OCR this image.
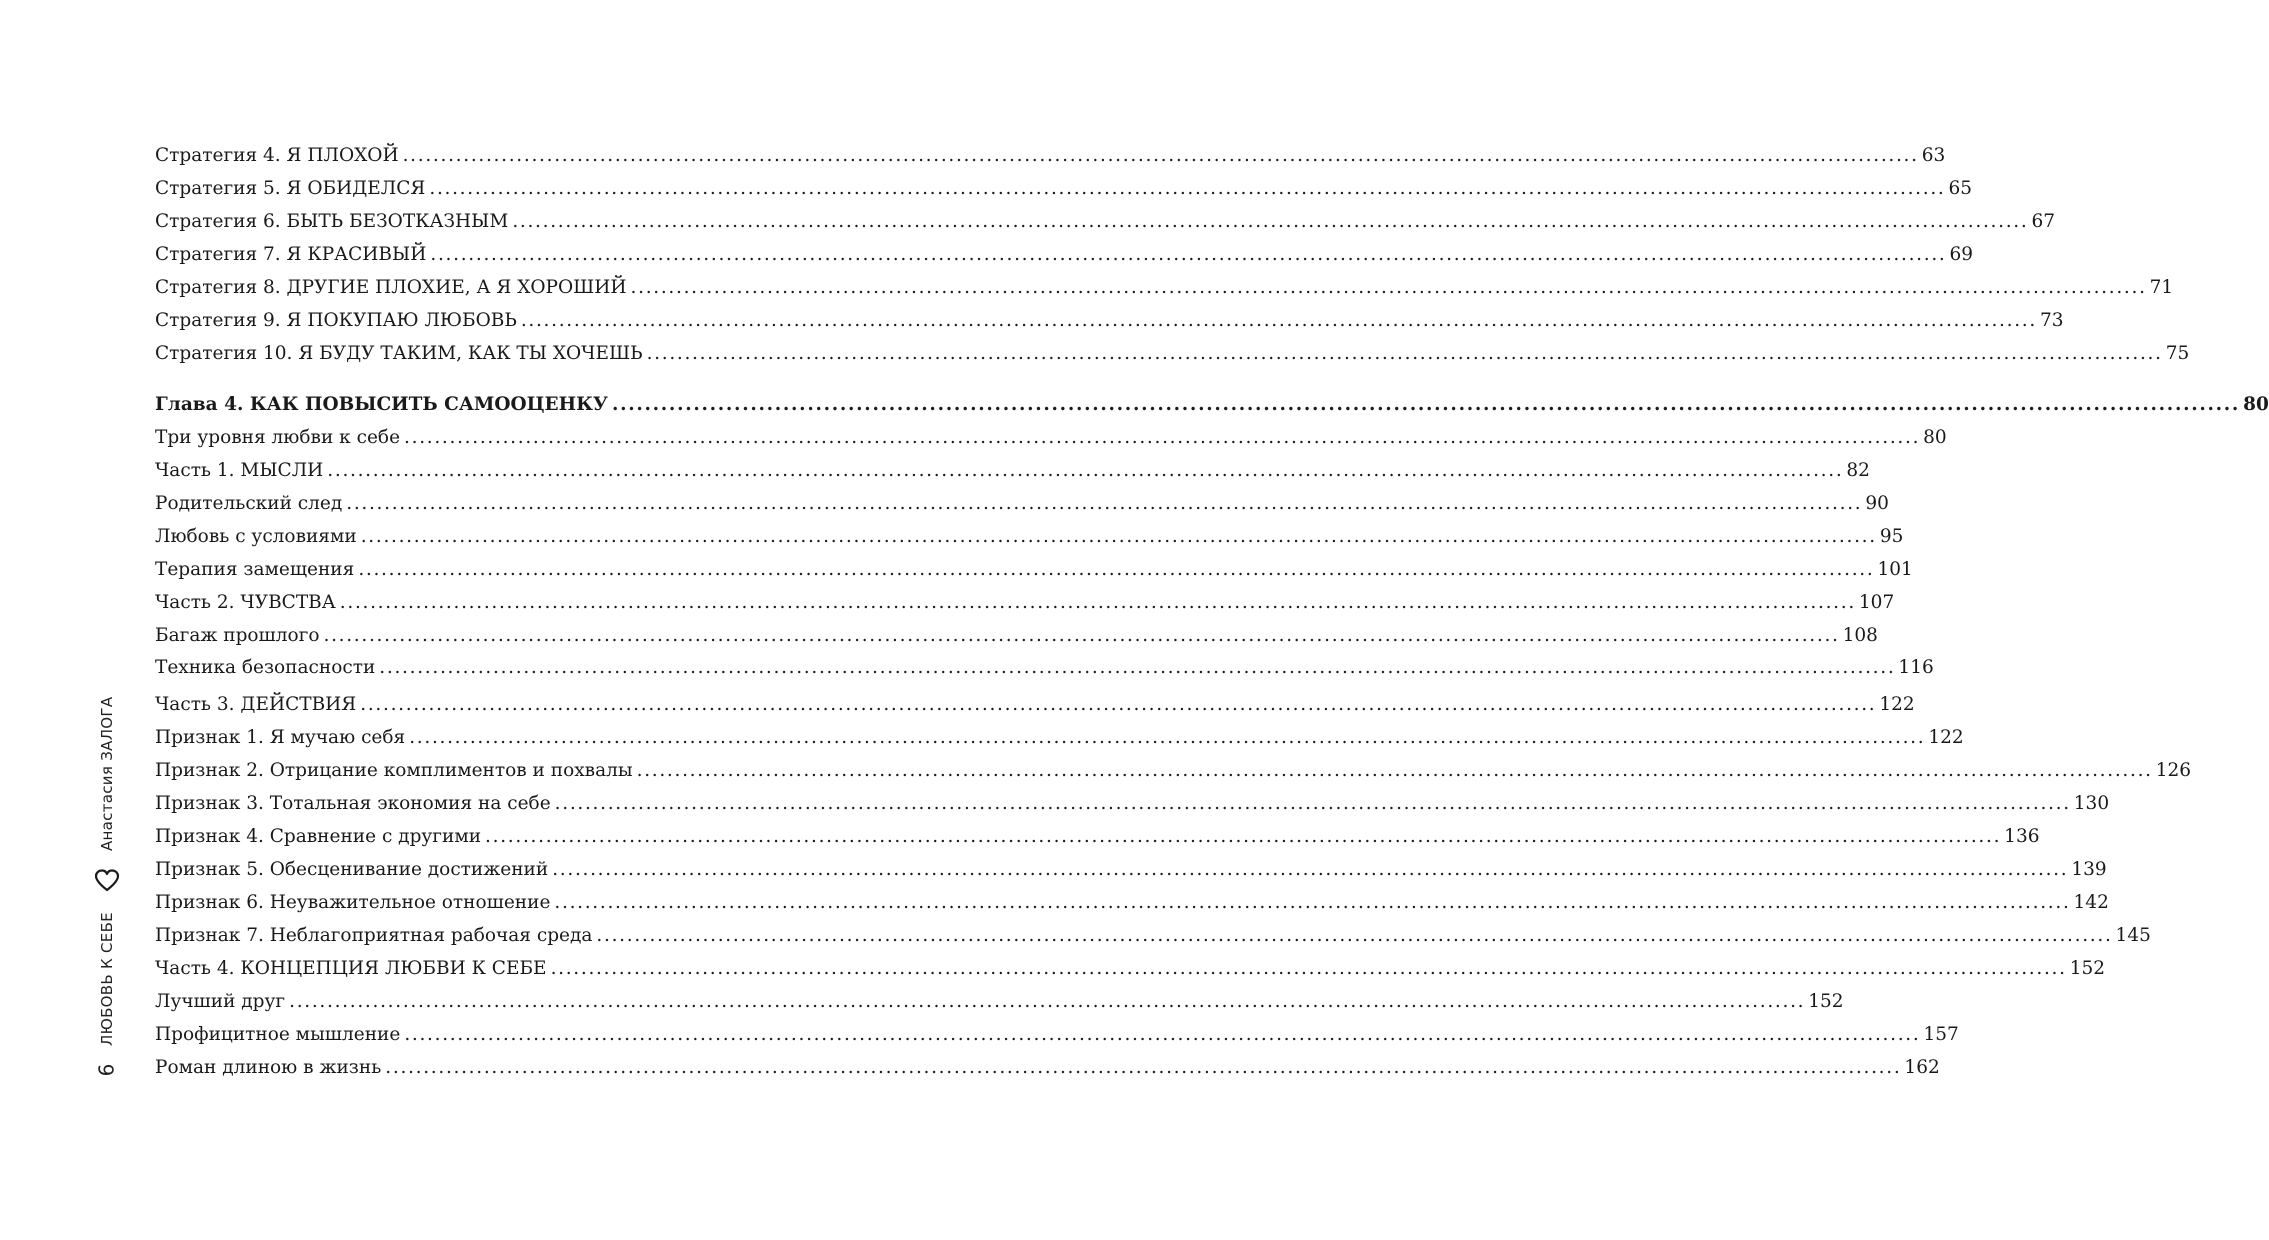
Стратегия 4. Я ПЛОХОЙ ........................................................................................................................................................................................................ 63
Стратегия 5. Я ОБИДЕЛСЯ ........................................................................................................................................................................................................ 65
Стратегия 6. БЫТЬ БЕЗОТКАЗНЫМ ........................................................................................................................................................................................................ 67
Стратегия 7. Я КРАСИВЫЙ ........................................................................................................................................................................................................ 69
Стратегия 8. ДРУГИЕ ПЛОХИЕ, А Я ХОРОШИЙ ........................................................................................................................................................................................................ 71
Стратегия 9. Я ПОКУПАЮ ЛЮБОВЬ ........................................................................................................................................................................................................ 73
Стратегия 10. Я БУДУ ТАКИМ, КАК ТЫ ХОЧЕШЬ ........................................................................................................................................................................................................ 75
Глава 4. КАК ПОВЫСИТЬ САМООЦЕНКУ ........................................................................................................................................................................................................ 80
Три уровня любви к себе ........................................................................................................................................................................................................ 80
Часть 1. МЫСЛИ ........................................................................................................................................................................................................ 82
Родительский след ........................................................................................................................................................................................................ 90
Любовь с условиями ........................................................................................................................................................................................................ 95
Терапия замещения ........................................................................................................................................................................................................ 101
Часть 2. ЧУВСТВА ........................................................................................................................................................................................................ 107
Багаж прошлого ........................................................................................................................................................................................................ 108
Техника безопасности ........................................................................................................................................................................................................ 116
Часть 3. ДЕЙСТВИЯ ........................................................................................................................................................................................................ 122
Признак 1. Я мучаю себя ........................................................................................................................................................................................................ 122
Признак 2. Отрицание комплиментов и похвалы ........................................................................................................................................................................................................ 126
Признак 3. Тотальная экономия на себе ........................................................................................................................................................................................................ 130
Признак 4. Сравнение с другими ........................................................................................................................................................................................................ 136
Признак 5. Обесценивание достижений ........................................................................................................................................................................................................ 139
Признак 6. Неуважительное отношение ........................................................................................................................................................................................................ 142
Признак 7. Неблагоприятная рабочая среда ........................................................................................................................................................................................................ 145
Часть 4. КОНЦЕПЦИЯ ЛЮБВИ К СЕБЕ ........................................................................................................................................................................................................ 152
Лучший друг ........................................................................................................................................................................................................ 152
Профицитное мышление ........................................................................................................................................................................................................ 157
Роман длиною в жизнь ........................................................................................................................................................................................................ 162
Анастасия ЗАЛОГА
ЛЮБОВЬ К СЕБЕ
6
